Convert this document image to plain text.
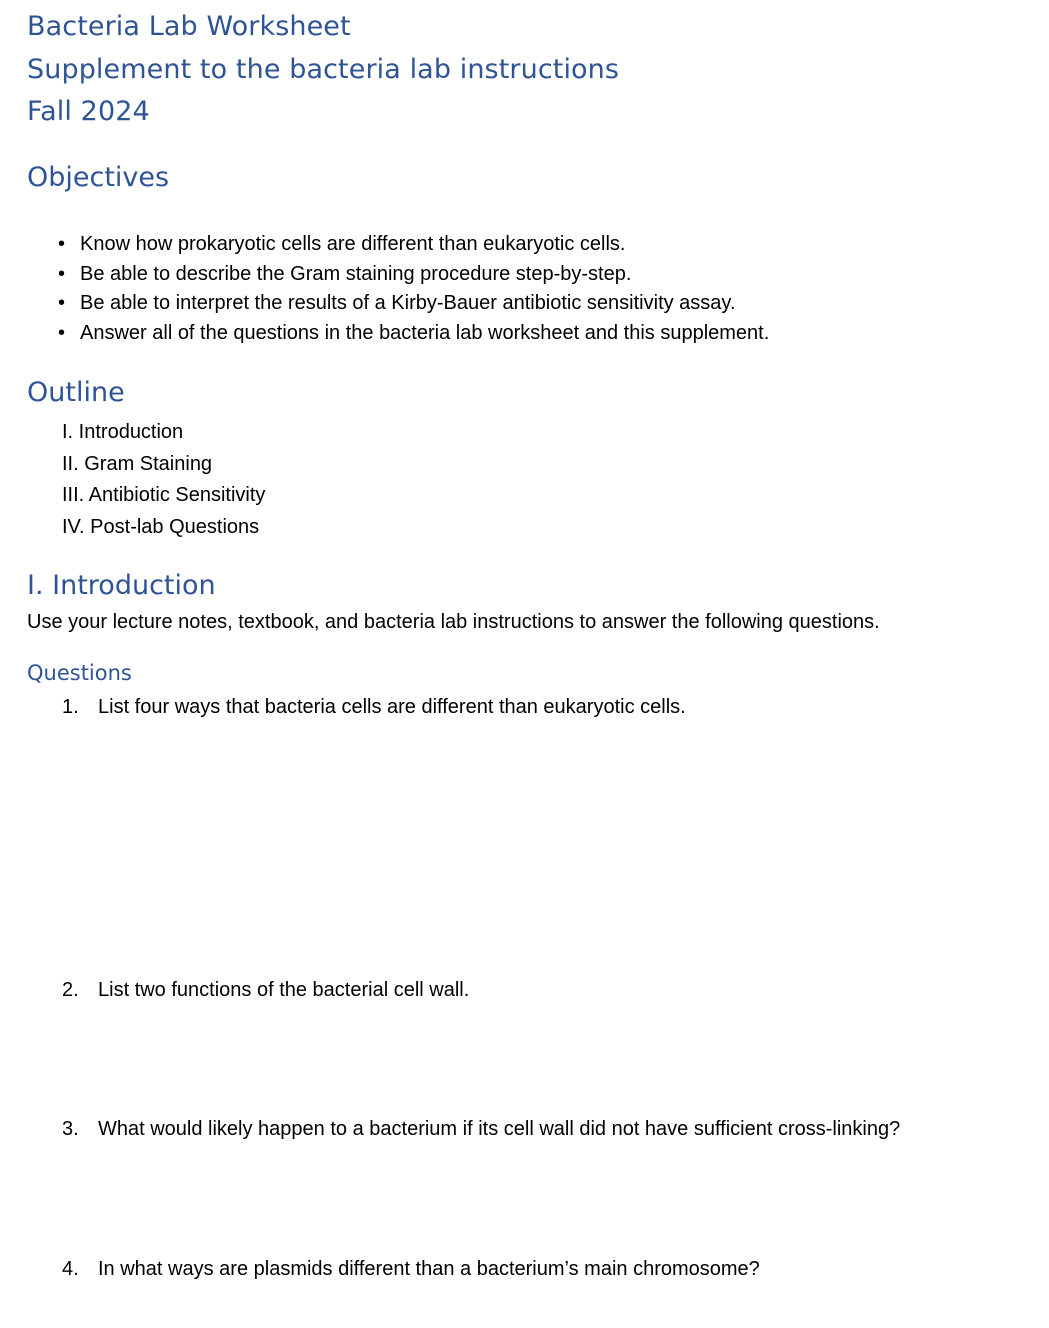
Bacteria Lab Worksheet
Supplement to the bacteria lab instructions
Fall 2024
Objectives
• Know how prokaryotic cells are different than eukaryotic cells.
• Be able to describe the Gram staining procedure step-by-step.
• Be able to interpret the results of a Kirby-Bauer antibiotic sensitivity assay.
• Answer all of the questions in the bacteria lab worksheet and this supplement.
Outline
I. Introduction
II. Gram Staining
III. Antibiotic Sensitivity
IV. Post-lab Questions
I. Introduction
Use your lecture notes, textbook, and bacteria lab instructions to answer the following questions.
Questions
1. List four ways that bacteria cells are different than eukaryotic cells.
2. List two functions of the bacterial cell wall.
3. What would likely happen to a bacterium if its cell wall did not have sufficient cross-linking?
4. In what ways are plasmids different than a bacterium’s main chromosome?
